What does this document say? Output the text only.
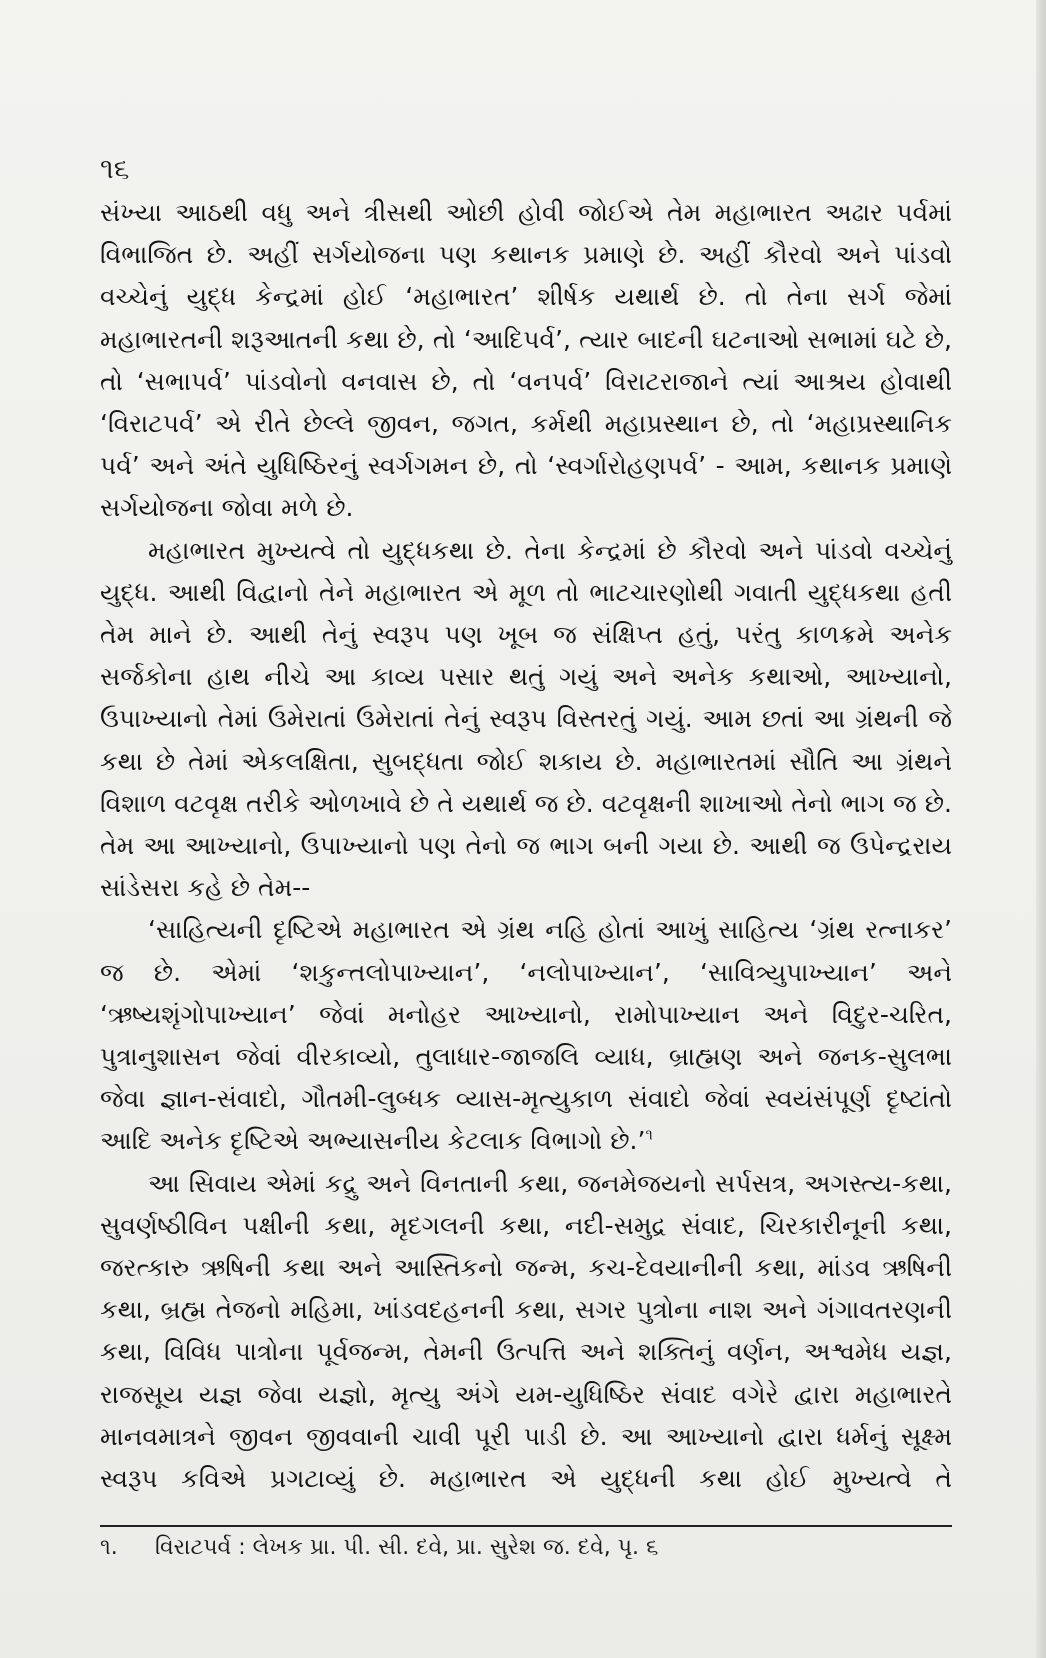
૧૬

સંખ્યા આઠથી વધુ અને ત્રીસથી ઓછી હોવી જોઈએ તેમ મહાભારત અઢાર પર્વમાં વિભાજિત છે. અહીં સર્ગયોજના પણ કથાનક પ્રમાણે છે. અહીં કૌરવો અને પાંડવો વચ્ચેનું યુદ્ધ કેન્દ્રમાં હોઈ ‘મહાભારત’ શીર્ષક યથાર્થ છે. તો તેના સર્ગ જેમાં મહાભારતની શરૂઆતની કથા છે, તો ‘આદિપર્વ’, ત્યાર બાદની ઘટનાઓ સભામાં ઘટે છે, તો ‘સભાપર્વ’ પાંડવોનો વનવાસ છે, તો ‘વનપર્વ’ વિરાટરાજાને ત્યાં આશ્રય હોવાથી ‘વિરાટપર્વ’ એ રીતે છેલ્લે જીવન, જગત, કર્મથી મહાપ્રસ્થાન છે, તો ‘મહાપ્રસ્થાનિક પર્વ’ અને અંતે યુધિષ્ઠિરનું સ્વર્ગગમન છે, તો ‘સ્વર્ગારોહણપર્વ’ - આમ, કથાનક પ્રમાણે સર્ગયોજના જોવા મળે છે.

મહાભારત મુખ્યત્વે તો યુદ્ધકથા છે. તેના કેન્દ્રમાં છે કૌરવો અને પાંડવો વચ્ચેનું યુદ્ધ. આથી વિદ્વાનો તેને મહાભારત એ મૂળ તો ભાટચારણોથી ગવાતી યુદ્ધકથા હતી તેમ માને છે. આથી તેનું સ્વરૂપ પણ ખૂબ જ સંક્ષિપ્ત હતું, પરંતુ કાળક્રમે અનેક સર્જકોના હાથ નીચે આ કાવ્ય પસાર થતું ગયું અને અનેક કથાઓ, આખ્યાનો, ઉપાખ્યાનો તેમાં ઉમેરાતાં ઉમેરાતાં તેનું સ્વરૂપ વિસ્તરતું ગયું. આમ છતાં આ ગ્રંથની જે કથા છે તેમાં એકલક્ષિતા, સુબદ્ધતા જોઈ શકાય છે. મહાભારતમાં સૌતિ આ ગ્રંથને વિશાળ વટવૃક્ષ તરીકે ઓળખાવે છે તે યથાર્થ જ છે. વટવૃક્ષની શાખાઓ તેનો ભાગ જ છે. તેમ આ આખ્યાનો, ઉપાખ્યાનો પણ તેનો જ ભાગ બની ગયા છે. આથી જ ઉપેન્દ્રરાય સાંડેસરા કહે છે તેમ--

‘સાહિત્યની દૃષ્ટિએ મહાભારત એ ગ્રંથ નહિ હોતાં આખું સાહિત્ય ‘ગ્રંથ રત્નાકર’ જ છે. એમાં ‘શકુન્તલોપાખ્યાન’, ‘નલોપાખ્યાન’, ‘સાવિત્ર્યુપાખ્યાન’ અને ‘ઋષ્યશૃંગોપાખ્યાન’ જેવાં મનોહર આખ્યાનો, રામોપાખ્યાન અને વિદુર-ચરિત, પુત્રાનુશાસન જેવાં વીરકાવ્યો, તુલાધાર-જાજલિ વ્યાધ, બ્રાહ્મણ અને જનક-સુલભા જેવા જ્ઞાન-સંવાદો, ગૌતમી-લુબ્ધક વ્યાસ-મૃત્યુકાળ સંવાદો જેવાં સ્વયંસંપૂર્ણ દૃષ્ટાંતો આદિ અનેક દૃષ્ટિએ અભ્યાસનીય કેટલાક વિભાગો છે.’$^૧$

આ સિવાય એમાં કદ્રુ અને વિનતાની કથા, જનમેજયનો સર્પસત્ર, અગસ્ત્ય-કથા, સુવર્ણષ્ઠીવિન પક્ષીની કથા, મૃદગલની કથા, નદી-સમુદ્ર સંવાદ, ચિરકારીનૂની કથા, જરત્કારુ ઋષિની કથા અને આસ્તિકનો જન્મ, કચ-દેવયાનીની કથા, માંડવ ઋષિની કથા, બ્રહ્મ તેજનો મહિમા, ખાંડવદહનની કથા, સગર પુત્રોના નાશ અને ગંગાવતરણની કથા, વિવિધ પાત્રોના પૂર્વજન્મ, તેમની ઉત્પત્તિ અને શક્તિનું વર્ણન, અશ્વમેધ યજ્ઞ, રાજસૂય યજ્ઞ જેવા યજ્ઞો, મૃત્યુ અંગે યમ-યુધિષ્ઠિર સંવાદ વગેરે દ્વારા મહાભારતે માનવમાત્રને જીવન જીવવાની ચાવી પૂરી પાડી છે. આ આખ્યાનો દ્વારા ધર્મનું સૂક્ષ્મ સ્વરૂપ કવિએ પ્રગટાવ્યું છે. મહાભારત એ યુદ્ધની કથા હોઈ મુખ્યત્વે તે

૧. વિરાટપર્વ : લેખક પ્રા. પી. સી. દવે, પ્રા. સુરેશ જ. દવે, પૃ. ૬
